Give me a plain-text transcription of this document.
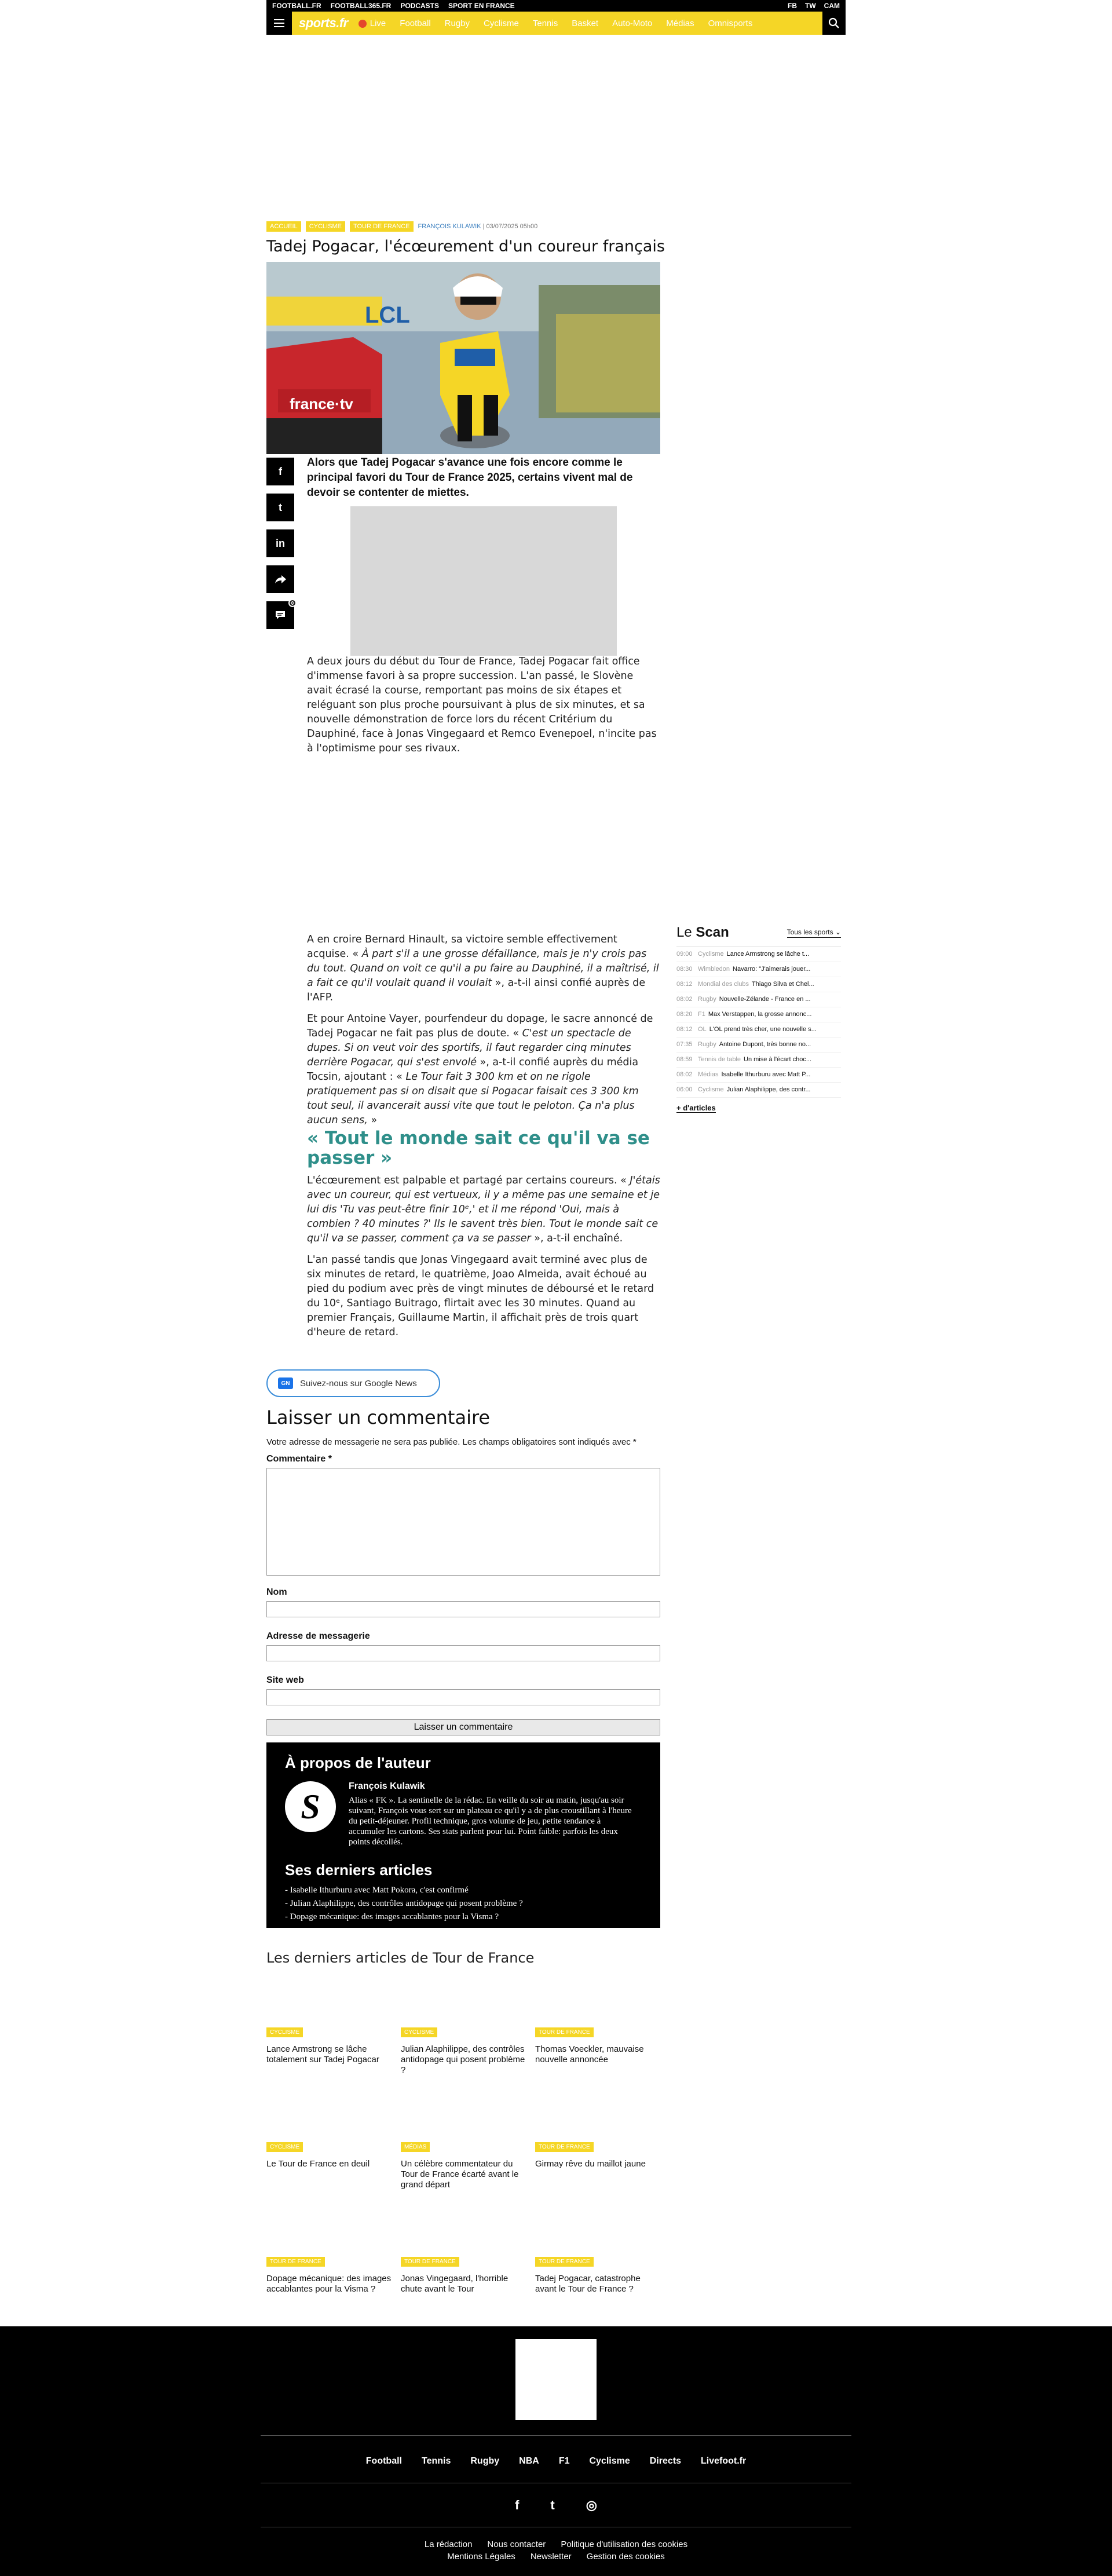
FOOTBALL.FR FOOTBALL365.FR PODCASTS SPORT EN FRANCE	FB TW CAM
sports.fr	Live Football Rugby Cyclisme Tennis Basket Auto-Moto Médias Omnisports
ACCUEIL	CYCLISME	TOUR DE FRANCE	FRANÇOIS KULAWIK | 03/07/2025 05h00
Tadej Pogacar, l'écœurement d'un coureur français
LCL
france·tv
f
t
in
0

Alors que Tadej Pogacar s'avance une fois encore comme le principal favori du Tour de France 2025, certains vivent mal de devoir se contenter de miettes.

A deux jours du début du Tour de France, Tadej Pogacar fait office d'immense favori à sa propre succession. L'an passé, le Slovène avait écrasé la course, remportant pas moins de six étapes et reléguant son plus proche poursuivant à plus de six minutes, et sa nouvelle démonstration de force lors du récent Critérium du Dauphiné, face à Jonas Vingegaard et Remco Evenepoel, n'incite pas à l'optimisme pour ses rivaux.

A en croire Bernard Hinault, sa victoire semble effectivement acquise. « À part s'il a une grosse défaillance, mais je n'y crois pas du tout. Quand on voit ce qu'il a pu faire au Dauphiné, il a maîtrisé, il a fait ce qu'il voulait quand il voulait », a-t-il ainsi confié auprès de l'AFP.

Et pour Antoine Vayer, pourfendeur du dopage, le sacre annoncé de Tadej Pogacar ne fait pas plus de doute. « C'est un spectacle de dupes. Si on veut voir des sportifs, il faut regarder cinq minutes derrière Pogacar, qui s'est envolé », a-t-il confié auprès du média Tocsin, ajoutant : « Le Tour fait 3 300 km et on ne rigole pratiquement pas si on disait que si Pogacar faisait ces 3 300 km tout seul, il avancerait aussi vite que tout le peloton. Ça n'a plus aucun sens, »

« Tout le monde sait ce qu'il va se passer »

L'écœurement est palpable et partagé par certains coureurs. « J'étais avec un coureur, qui est vertueux, il y a même pas une semaine et je lui dis 'Tu vas peut-être finir 10ᵉ,' et il me répond 'Oui, mais à combien ? 40 minutes ?' Ils le savent très bien. Tout le monde sait ce qu'il va se passer, comment ça va se passer », a-t-il enchaîné.

L'an passé tandis que Jonas Vingegaard avait terminé avec plus de six minutes de retard, le quatrième, Joao Almeida, avait échoué au pied du podium avec près de vingt minutes de déboursé et le retard du 10ᵉ, Santiago Buitrago, flirtait avec les 30 minutes. Quand au premier Français, Guillaume Martin, il affichait près de trois quart d'heure de retard.

Le Scan	Tous les sports ⌄
09:00 Cyclisme Lance Armstrong se lâche t...
08:30 Wimbledon Navarro: "J'aimerais jouer...
08:12 Mondial des clubs Thiago Silva et Chel...
08:02 Rugby Nouvelle-Zélande - France en ...
08:20 F1 Max Verstappen, la grosse annonc...
08:12 OL L'OL prend très cher, une nouvelle s...
07:35 Rugby Antoine Dupont, très bonne no...
08:59 Tennis de table Un mise à l'écart choc...
08:02 Médias Isabelle Ithurburu avec Matt P...
06:00 Cyclisme Julian Alaphilippe, des contr...
+ d'articles
GN	Suivez-nous sur Google News
Laisser un commentaire

Votre adresse de messagerie ne sera pas publiée. Les champs obligatoires sont indiqués avec *

Commentaire *
Nom
Adresse de messagerie
Site web
Laisser un commentaire
À propos de l'auteur
S
François Kulawik

Alias « FK ». La sentinelle de la rédac. En veille du soir au matin, jusqu'au soir suivant, François vous sert sur un plateau ce qu'il y a de plus croustillant à l'heure du petit-déjeuner. Profil technique, gros volume de jeu, petite tendance à accumuler les cartons. Ses stats parlent pour lui. Point faible: parfois les deux points décollés.

Ses derniers articles
- Isabelle Ithurburu avec Matt Pokora, c'est confirmé
- Julian Alaphilippe, des contrôles antidopage qui posent problème ?
- Dopage mécanique: des images accablantes pour la Visma ?
Les derniers articles de Tour de France
CYCLISME
Lance Armstrong se lâche totalement sur Tadej Pogacar
CYCLISME
Julian Alaphilippe, des contrôles antidopage qui posent problème ?
TOUR DE FRANCE
Thomas Voeckler, mauvaise nouvelle annoncée
CYCLISME
Le Tour de France en deuil
MÉDIAS
Un célèbre commentateur du Tour de France écarté avant le grand départ
TOUR DE FRANCE
Girmay rêve du maillot jaune
TOUR DE FRANCE
Dopage mécanique: des images accablantes pour la Visma ?
TOUR DE FRANCE
Jonas Vingegaard, l'horrible chute avant le Tour
TOUR DE FRANCE
Tadej Pogacar, catastrophe avant le Tour de France ?
Football Tennis Rugby NBA F1 Cyclisme Directs Livefoot.fr
f t ◎
La rédaction Nous contacter Politique d'utilisation des cookies
Mentions Légales Newsletter Gestion des cookies
